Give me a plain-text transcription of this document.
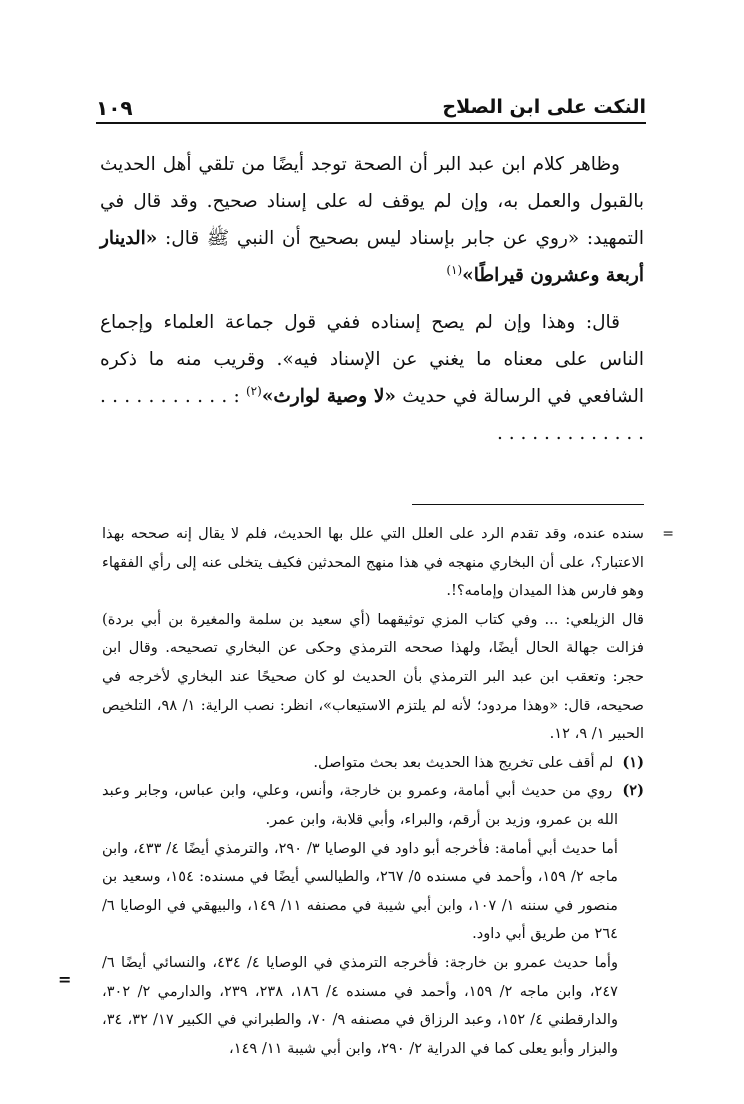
النكت على ابن الصلاح
١٠٩

وظاهر كلام ابن عبد البر أن الصحة توجد أيضًا من تلقي أهل الحديث بالقبول والعمل به، وإن لم يوقف له على إسناد صحيح. وقد قال في التمهيد: «روي عن جابر بإسناد ليس بصحيح أن النبي ﷺ قال: «الدينار أربعة وعشرون قيراطًا»$^{(١)}$

قال: وهذا وإن لم يصح إسناده ففي قول جماعة العلماء وإجماع الناس على معناه ما يغني عن الإسناد فيه». وقريب منه ما ذكره الشافعي في الرسالة في حديث «لا وصية لوارث»$^{(٢)}$ : . . . . . . . . . . . . . . . . . . . . . . . .

=
سنده عنده، وقد تقدم الرد على العلل التي علل بها الحديث، فلم لا يقال إنه صححه بهذا الاعتبار؟، على أن البخاري منهجه في هذا منهج المحدثين فكيف يتخلى عنه إلى رأي الفقهاء وهو فارس هذا الميدان وإمامه؟!.
قال الزيلعي: ... وفي كتاب المزي توثيقهما (أي سعيد بن سلمة والمغيرة بن أبي بردة) فزالت جهالة الحال أيضًا، ولهذا صححه الترمذي وحكى عن البخاري تصحيحه. وقال ابن حجر: وتعقب ابن عبد البر الترمذي بأن الحديث لو كان صحيحًا عند البخاري لأخرجه في صحيحه، قال: «وهذا مردود؛ لأنه لم يلتزم الاستيعاب»، انظر: نصب الراية: ١/ ٩٨، التلخيص الحبير ١/ ٩، ١٢.
(١) لم أقف على تخريج هذا الحديث بعد بحث متواصل.
(٢) روي من حديث أبي أمامة، وعمرو بن خارجة، وأنس، وعلي، وابن عباس، وجابر وعبد الله بن عمرو، وزيد بن أرقم، والبراء، وأبي قلابة، وابن عمر.
أما حديث أبي أمامة: فأخرجه أبو داود في الوصايا ٣/ ٢٩٠، والترمذي أيضًا ٤/ ٤٣٣، وابن ماجه ٢/ ١٥٩، وأحمد في مسنده ٥/ ٢٦٧، والطيالسي أيضًا في مسنده: ١٥٤، وسعيد بن منصور في سننه ١/ ١٠٧، وابن أبي شيبة في مصنفه ١١/ ١٤٩، والبيهقي في الوصايا ٦/ ٢٦٤ من طريق أبي داود.
وأما حديث عمرو بن خارجة: فأخرجه الترمذي في الوصايا ٤/ ٤٣٤، والنسائي أيضًا ٦/ ٢٤٧، وابن ماجه ٢/ ١٥٩، وأحمد في مسنده ٤/ ١٨٦، ٢٣٨، ٢٣٩، والدارمي ٢/ ٣٠٢، والدارقطني ٤/ ١٥٢، وعبد الرزاق في مصنفه ٩/ ٧٠، والطبراني في الكبير ١٧/ ٣٢، ٣٤، والبزار وأبو يعلى كما في الدراية ٢/ ٢٩٠، وابن أبي شيبة ١١/ ١٤٩،
=
